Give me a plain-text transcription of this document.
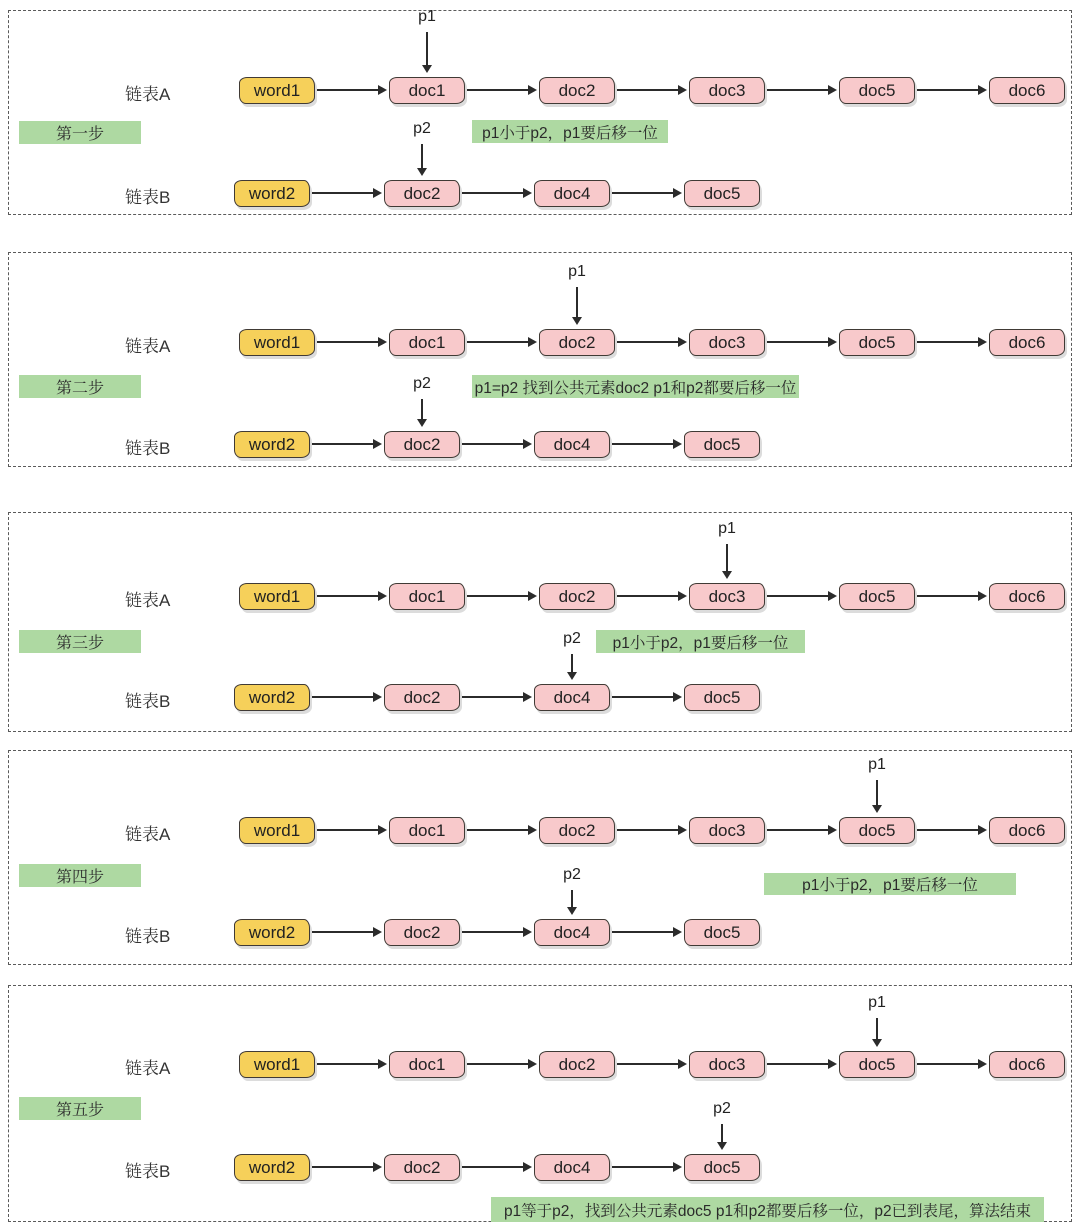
链表A
链表B
word1	doc1	doc2	doc3	doc5	doc6
word2	doc2	doc4	doc5
第一步
p1
p2	p1小于p2，p1要后移一位
链表A
链表B
word1	doc1	doc2	doc3	doc5	doc6
word2	doc2	doc4	doc5
第二步
p1
p2	p1=p2 找到公共元素doc2 p1和p2都要后移一位
链表A
链表B
word1	doc1	doc2	doc3	doc5	doc6
word2	doc2	doc4	doc5
第三步
p1
p2	p1小于p2，p1要后移一位
链表A
链表B
word1	doc1	doc2	doc3	doc5	doc6
word2	doc2	doc4	doc5
第四步
p1
p2
p1小于p2，p1要后移一位
链表A
链表B
word1	doc1	doc2	doc3	doc5	doc6
word2	doc2	doc4	doc5
第五步
p1
p2
p1等于p2，找到公共元素doc5 p1和p2都要后移一位，p2已到表尾，算法结束
